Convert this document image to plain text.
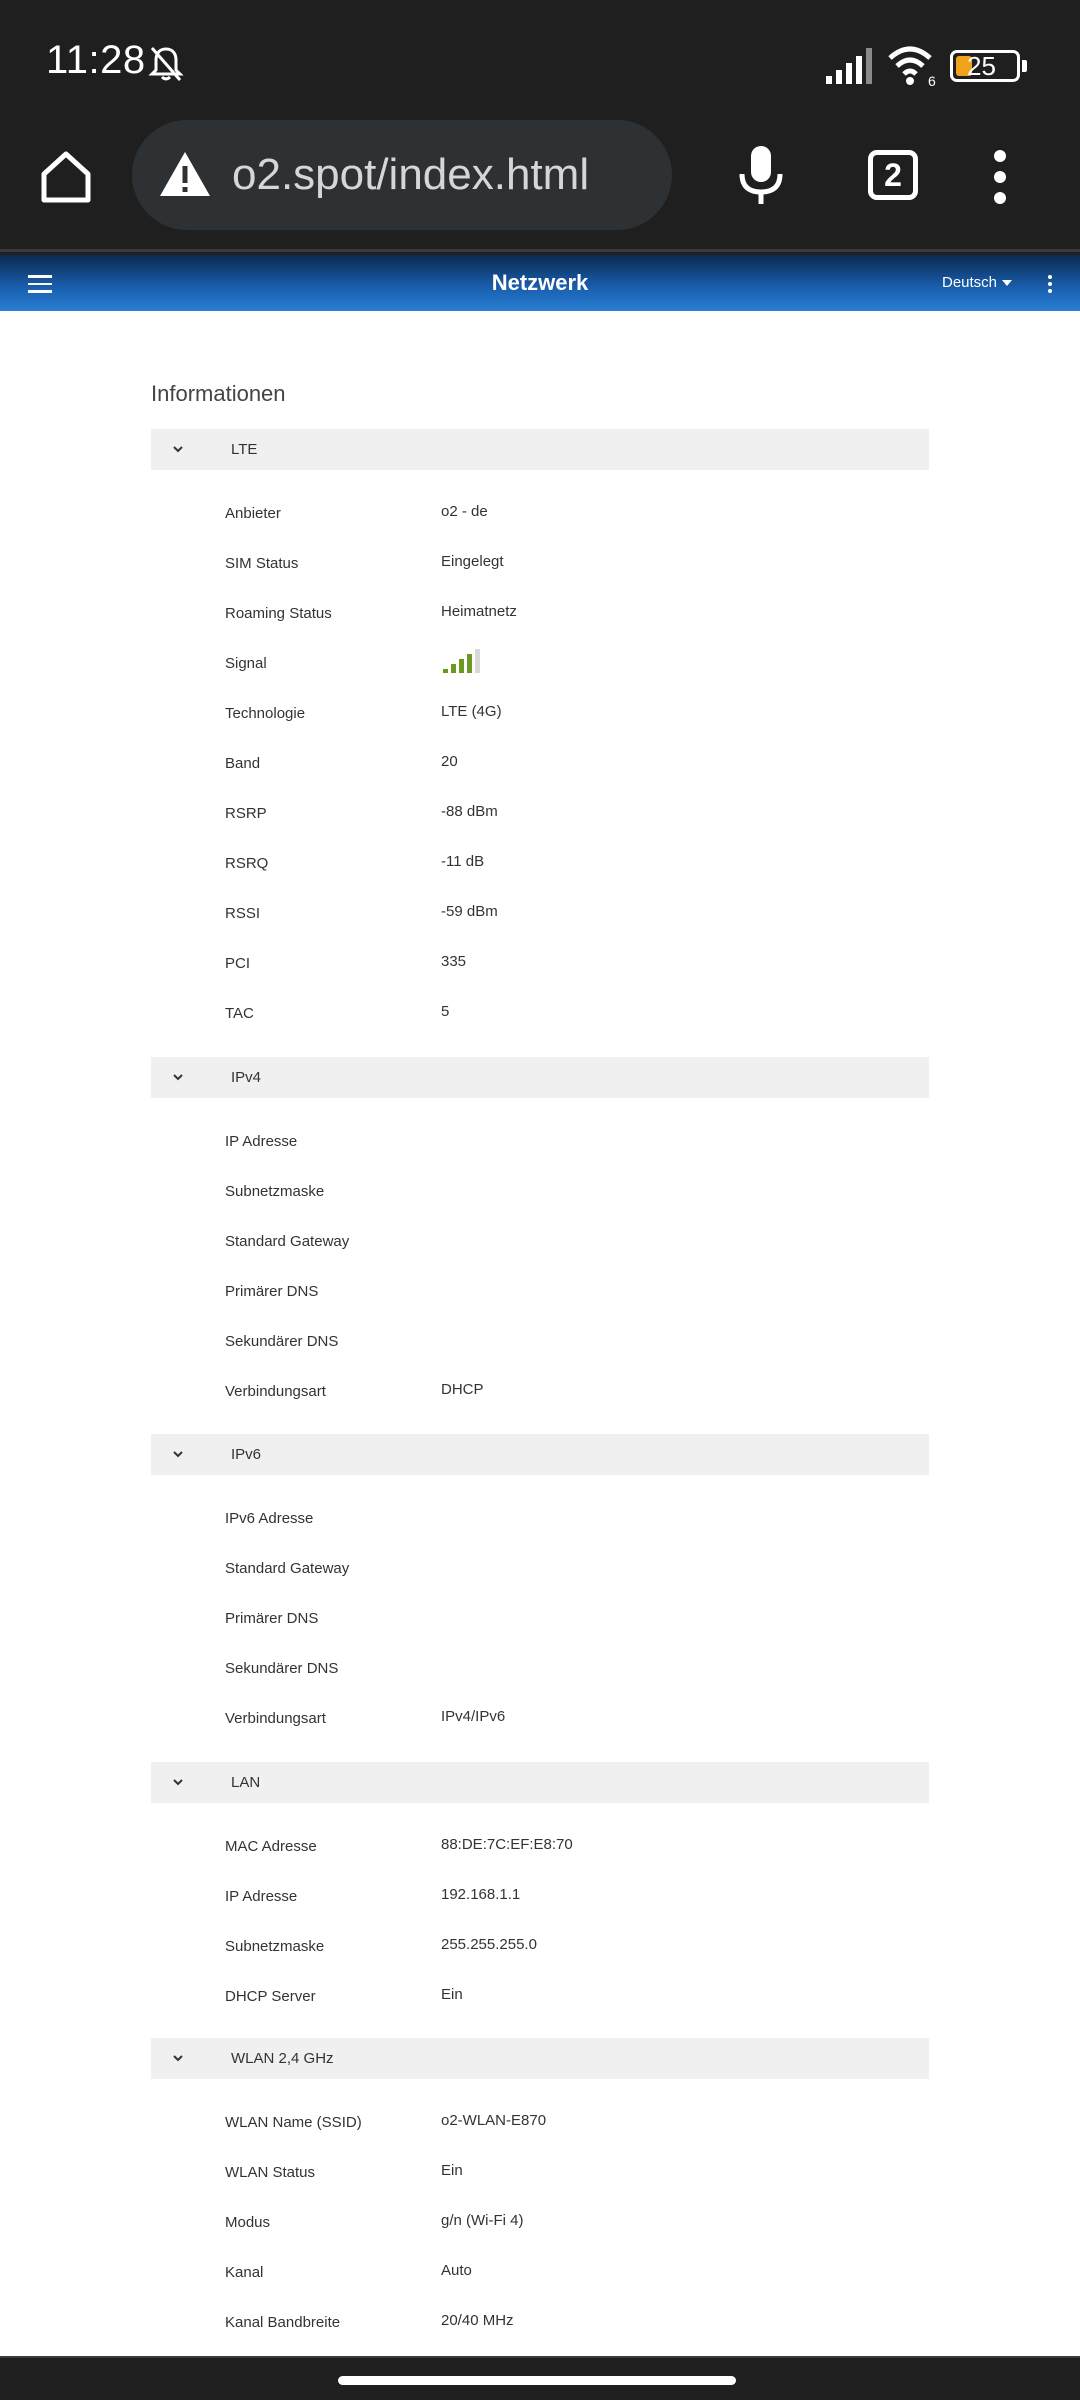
11:28	6 25
o2.spot/index.html	2
Netzwerk	Deutsch
Informationen
LTE
Anbieter	o2 - de
SIM Status	Eingelegt
Roaming Status	Heimatnetz
Signal
Technologie	LTE (4G)
Band	20
RSRP	-88 dBm
RSRQ	-11 dB
RSSI	-59 dBm
PCI	335
TAC	5
IPv4
IP Adresse
Subnetzmaske
Standard Gateway
Primärer DNS
Sekundärer DNS
Verbindungsart	DHCP
IPv6
IPv6 Adresse
Standard Gateway
Primärer DNS
Sekundärer DNS
Verbindungsart	IPv4/IPv6
LAN
MAC Adresse	88:DE:7C:EF:E8:70
IP Adresse	192.168.1.1
Subnetzmaske	255.255.255.0
DHCP Server	Ein
WLAN 2,4 GHz
WLAN Name (SSID)	o2-WLAN-E870
WLAN Status	Ein
Modus	g/n (Wi-Fi 4)
Kanal	Auto
Kanal Bandbreite	20/40 MHz
